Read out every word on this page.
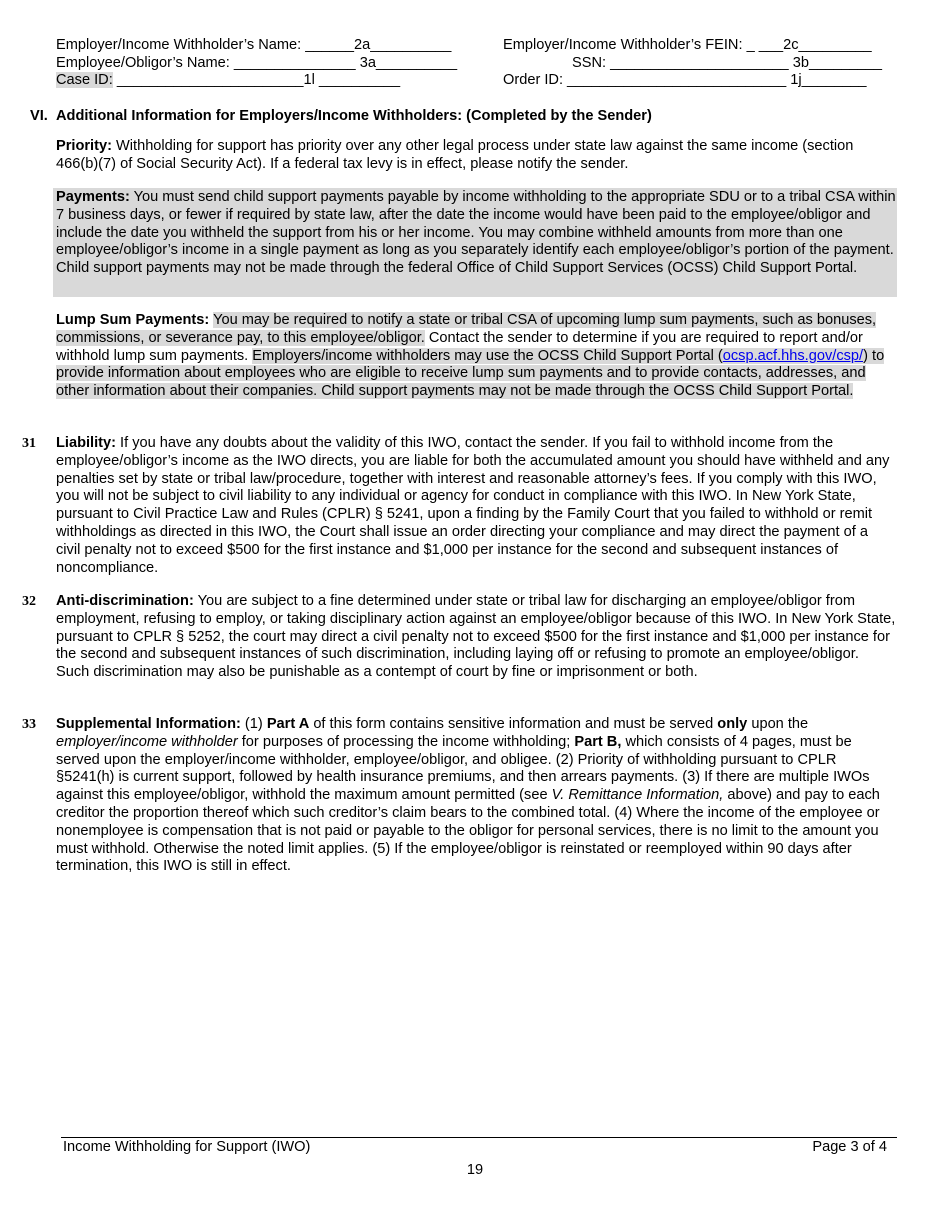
Employer/Income Withholder’s Name: ______2a__________	Employer/Income Withholder’s FEIN: _ ___2c_________
Employee/Obligor’s Name: _______________ 3a__________	SSN: ______________________ 3b_________
Case ID: _______________________1l __________	Order ID: ___________________________ 1j________
VI. Additional Information for Employers/Income Withholders: (Completed by the Sender)
Priority: Withholding for support has priority over any other legal process under state law against the same income (section 466(b)(7) of Social Security Act). If a federal tax levy is in effect, please notify the sender.
Payments: You must send child support payments payable by income withholding to the appropriate SDU or to a tribal CSA within 7 business days, or fewer if required by state law, after the date the income would have been paid to the employee/obligor and include the date you withheld the support from his or her income. You may combine withheld amounts from more than one employee/obligor’s income in a single payment as long as you separately identify each employee/obligor’s portion of the payment. Child support payments may not be made through the federal Office of Child Support Services (OCSS) Child Support Portal.
Lump Sum Payments: You may be required to notify a state or tribal CSA of upcoming lump sum payments, such as bonuses, commissions, or severance pay, to this employee/obligor. Contact the sender to determine if you are required to report and/or withhold lump sum payments. Employers/income withholders may use the OCSS Child Support Portal (ocsp.acf.hhs.gov/csp/) to provide information about employees who are eligible to receive lump sum payments and to provide contacts, addresses, and other information about their companies. Child support payments may not be made through the OCSS Child Support Portal.
31 Liability: If you have any doubts about the validity of this IWO, contact the sender. If you fail to withhold income from the employee/obligor’s income as the IWO directs, you are liable for both the accumulated amount you should have withheld and any penalties set by state or tribal law/procedure, together with interest and reasonable attorney’s fees. If you comply with this IWO, you will not be subject to civil liability to any individual or agency for conduct in compliance with this IWO. In New York State, pursuant to Civil Practice Law and Rules (CPLR) § 5241, upon a finding by the Family Court that you failed to withhold or remit withholdings as directed in this IWO, the Court shall issue an order directing your compliance and may direct the payment of a civil penalty not to exceed $500 for the first instance and $1,000 per instance for the second and subsequent instances of noncompliance.
32 Anti-discrimination: You are subject to a fine determined under state or tribal law for discharging an employee/obligor from employment, refusing to employ, or taking disciplinary action against an employee/obligor because of this IWO. In New York State, pursuant to CPLR § 5252, the court may direct a civil penalty not to exceed $500 for the first instance and $1,000 per instance for the second and subsequent instances of such discrimination, including laying off or refusing to promote an employee/obligor. Such discrimination may also be punishable as a contempt of court by fine or imprisonment or both.
33 Supplemental Information: (1) Part A of this form contains sensitive information and must be served only upon the employer/income withholder for purposes of processing the income withholding; Part B, which consists of 4 pages, must be served upon the employer/income withholder, employee/obligor, and obligee. (2) Priority of withholding pursuant to CPLR §5241(h) is current support, followed by health insurance premiums, and then arrears payments. (3) If there are multiple IWOs against this employee/obligor, withhold the maximum amount permitted (see V. Remittance Information, above) and pay to each creditor the proportion thereof which such creditor’s claim bears to the combined total. (4) Where the income of the employee or nonemployee is compensation that is not paid or payable to the obligor for personal services, there is no limit to the amount you must withhold. Otherwise the noted limit applies. (5) If the employee/obligor is reinstated or reemployed within 90 days after termination, this IWO is still in effect.
Income Withholding for Support (IWO)	Page 3 of 4
19
